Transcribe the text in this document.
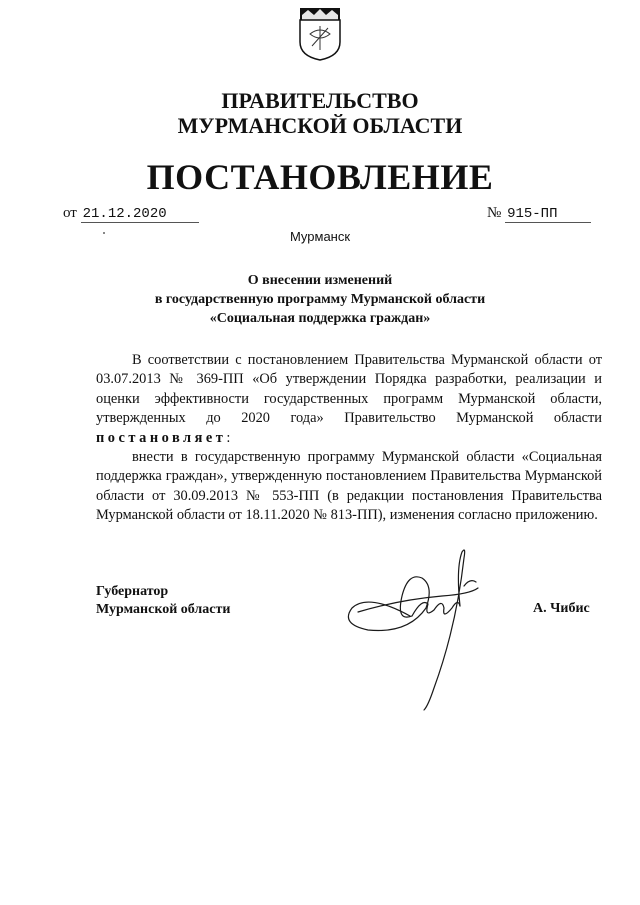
ПРАВИТЕЛЬСТВО
МУРМАНСКОЙ ОБЛАСТИ
ПОСТАНОВЛЕНИЕ
от 21.12.2020	№ 915-ПП
Мурманск
О внесении изменений
в государственную программу Мурманской области
«Социальная поддержка граждан»

В соответствии с постановлением Правительства Мурманской области от 03.07.2013 № 369-ПП «Об утверждении Порядка разработки, реализации и оценки эффективности государственных программ Мурманской области, утвержденных до 2020 года» Правительство Мурманской области постановляет:

внести в государственную программу Мурманской области «Социальная поддержка граждан», утвержденную постановлением Правительства Мурманской области от 30.09.2013 № 553-ПП (в редакции постановления Правительства Мурманской области от 18.11.2020 № 813-ПП), изменения согласно приложению.

Губернатор
Мурманской области	А. Чибис
